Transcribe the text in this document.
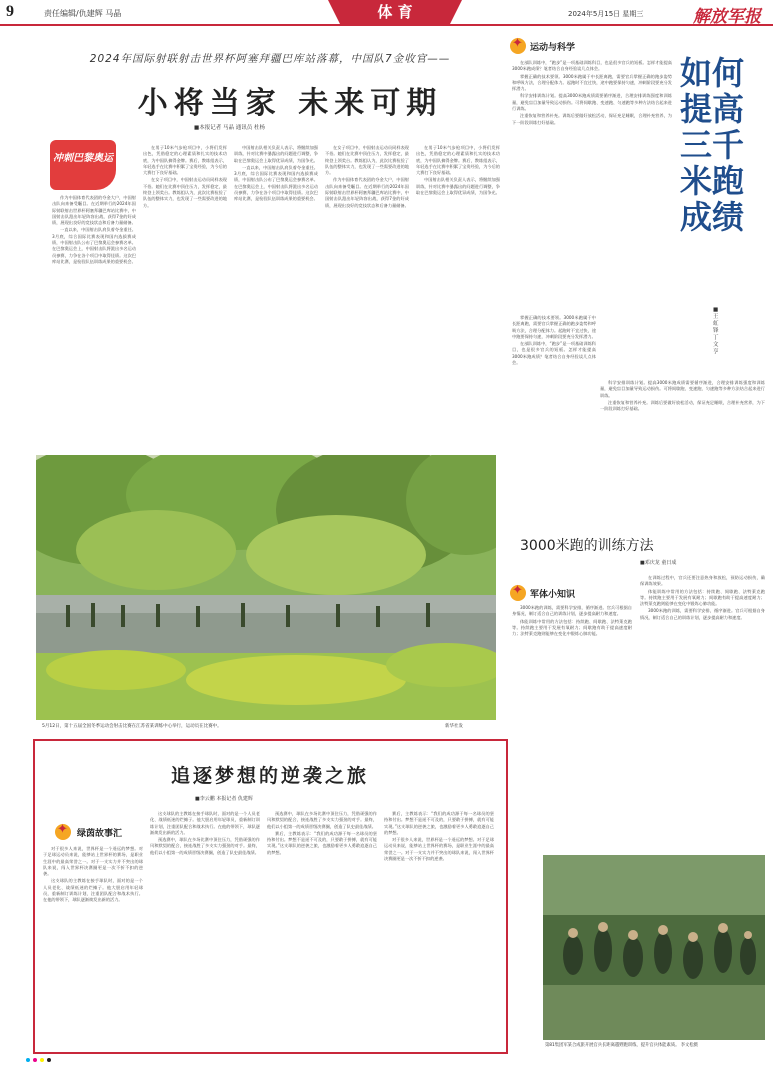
9	责任编辑/仇建辉 马晶	体 育	2024年5月15日 星期三	解放军报
2024年国际射联射击世界杯阿塞拜疆巴库站落幕，中国队7金收官——
小将当家 未来可期
■本报记者 马晶 通讯员 杜杨
冲刺巴黎奥运

作为中国体育代表团的夺金大户，中国射击队向来备受瞩目。在近期举行的2024年国际射联射击世界杯阿塞拜疆巴库站比赛中，中国射击队派出年轻阵容出战，获得7金的好成绩，展现出良好的竞技状态和后备力量储备。

一直以来，中国射击队肩负着夺金重任。3月底，综合国际比赛表现和国内选拔赛成绩，中国射击队公布了巴黎奥运会参赛名单。在巴黎奥运会上，中国射击队将派出多名运动员参赛，力争在各个项目中取得佳绩。这次巴库站比赛，是检验队伍训练成果的重要机会。

在男子10米气步枪项目中，小将们发挥出色，凭借稳定的心理素质和扎实的技术功底，为中国队摘得金牌。赛后，教练组表示，年轻选手在比赛中积累了宝贵经验，为今后的大赛打下良好基础。

在女子项目中，中国射击运动员同样表现不俗。她们在比赛中顶住压力，发挥稳定，最终登上领奖台。教练组认为，此次比赛检验了队伍的整体实力，也发现了一些需要改进的地方。

中国射击队相关负责人表示，将继续加强训练，针对比赛中暴露出的问题进行调整，争取在巴黎奥运会上取得优异成绩，为国争光。

一直以来，中国射击队肩负着夺金重任。3月底，综合国际比赛表现和国内选拔赛成绩，中国射击队公布了巴黎奥运会参赛名单。在巴黎奥运会上，中国射击队将派出多名运动员参赛，力争在各个项目中取得佳绩。这次巴库站比赛，是检验队伍训练成果的重要机会。

在女子项目中，中国射击运动员同样表现不俗。她们在比赛中顶住压力，发挥稳定，最终登上领奖台。教练组认为，此次比赛检验了队伍的整体实力，也发现了一些需要改进的地方。

作为中国体育代表团的夺金大户，中国射击队向来备受瞩目。在近期举行的2024年国际射联射击世界杯阿塞拜疆巴库站比赛中，中国射击队派出年轻阵容出战，获得7金的好成绩，展现出良好的竞技状态和后备力量储备。

在男子10米气步枪项目中，小将们发挥出色，凭借稳定的心理素质和扎实的技术功底，为中国队摘得金牌。赛后，教练组表示，年轻选手在比赛中积累了宝贵经验，为今后的大赛打下良好基础。

中国射击队相关负责人表示，将继续加强训练，针对比赛中暴露出的问题进行调整，争取在巴黎奥运会上取得优异成绩，为国争光。

5月12日，第十五届全国冬季运动会射击比赛在江苏省某训练中心举行，运动员在比赛中。	新华社发
✦
运动与科学

在部队训练中，“跑步”是一项基础训练科目，也是很多官兵的短板。怎样才能提高3000米跑成绩？笔者结合自身经验谈几点体会。

掌握正确的技术要领。3000米跑属于中长距离跑，需要官兵掌握正确的跑步姿势和呼吸方法，合理分配体力。起跑时不宜过快，途中跑要保持匀速，冲刺阶段要充分发挥潜力。

科学安排训练计划。提高3000米跑成绩需要循序渐进，合理安排训练强度和训练量，避免盲目加量导致运动损伤。可将间歇跑、变速跑、匀速跑等多种方法结合起来进行训练。

注重恢复和营养补充。训练后要做好放松活动，保证充足睡眠，合理补充营养，为下一阶段训练打好基础。

如何提高三千米跑成绩
■王虹锋 丁文亨

科学安排训练计划。提高3000米跑成绩需要循序渐进，合理安排训练强度和训练量，避免盲目加量导致运动损伤。可将间歇跑、变速跑、匀速跑等多种方法结合起来进行训练。

注重恢复和营养补充。训练后要做好放松活动，保证充足睡眠，合理补充营养，为下一阶段训练打好基础。

掌握正确的技术要领。3000米跑属于中长距离跑，需要官兵掌握正确的跑步姿势和呼吸方法，合理分配体力。起跑时不宜过快，途中跑要保持匀速，冲刺阶段要充分发挥潜力。

在部队训练中，“跑步”是一项基础训练科目，也是很多官兵的短板。怎样才能提高3000米跑成绩？笔者结合自身经验谈几点体会。

3000米跑的训练方法
■邓庆龙 童日成
✦
军体小知识

3000米跑的训练，需要科学安排，循序渐进。官兵可根据自身情况，制订适合自己的训练计划，逐步提高耐力和速度。

体能训练中常用的方法包括：持续跑、间歇跑、法特莱克跑等。持续跑主要用于发展有氧耐力；间歇跑有助于提高速度耐力；法特莱克跑则能够在变化中锻炼心肺功能。

在训练过程中，官兵还要注意热身和放松，预防运动损伤，确保训练效果。

体能训练中常用的方法包括：持续跑、间歇跑、法特莱克跑等。持续跑主要用于发展有氧耐力；间歇跑有助于提高速度耐力；法特莱克跑则能够在变化中锻炼心肺功能。

3000米跑的训练，需要科学安排，循序渐进。官兵可根据自身情况，制订适合自己的训练计划，逐步提高耐力和速度。

追逐梦想的逆袭之旅
■李云鹏 本报记者 仇建辉
✦
绿茵故事汇

对于很多人来说，世界杯是一个遥远的梦想。对于足球运动员来说，能够站上世界杯的赛场，是职业生涯中的最高荣誉之一。对于一支实力并不突出的球队来说，闯入世界杯决赛圈更是一次不折不扣的逆袭。

这支球队的主教练在接手球队时，面对的是一个人员老化、战绩低迷的烂摊子。他大胆启用年轻球员，重新制订训练计划，注重团队配合和战术执行。在他的带领下，球队逐渐焕发出新的活力。

这支球队的主教练在接手球队时，面对的是一个人员老化、战绩低迷的烂摊子。他大胆启用年轻球员，重新制订训练计划，注重团队配合和战术执行。在他的带领下，球队逐渐焕发出新的活力。

预选赛中，球队在多场比赛中顶住压力，凭借顽强的作风和默契的配合，接连战胜了多支实力强劲的对手。最终，他们以小组第一的成绩晋级决赛圈，创造了队史最佳战绩。

预选赛中，球队在多场比赛中顶住压力，凭借顽强的作风和默契的配合，接连战胜了多支实力强劲的对手。最终，他们以小组第一的成绩晋级决赛圈，创造了队史最佳战绩。

赛后，主教练表示：“我们的成功源于每一名球员的坚持和付出。梦想不是遥不可及的，只要敢于拼搏，就有可能实现。”这支球队的逆袭之旅，也激励着更多人勇敢追逐自己的梦想。

赛后，主教练表示：“我们的成功源于每一名球员的坚持和付出。梦想不是遥不可及的，只要敢于拼搏，就有可能实现。”这支球队的逆袭之旅，也激励着更多人勇敢追逐自己的梦想。

对于很多人来说，世界杯是一个遥远的梦想。对于足球运动员来说，能够站上世界杯的赛场，是职业生涯中的最高荣誉之一。对于一支实力并不突出的球队来说，闯入世界杯决赛圈更是一次不折不扣的逆袭。

第81集团军某合成旅开展官兵长距离越野跑训练，提升官兵体能素质。 李文松摄
